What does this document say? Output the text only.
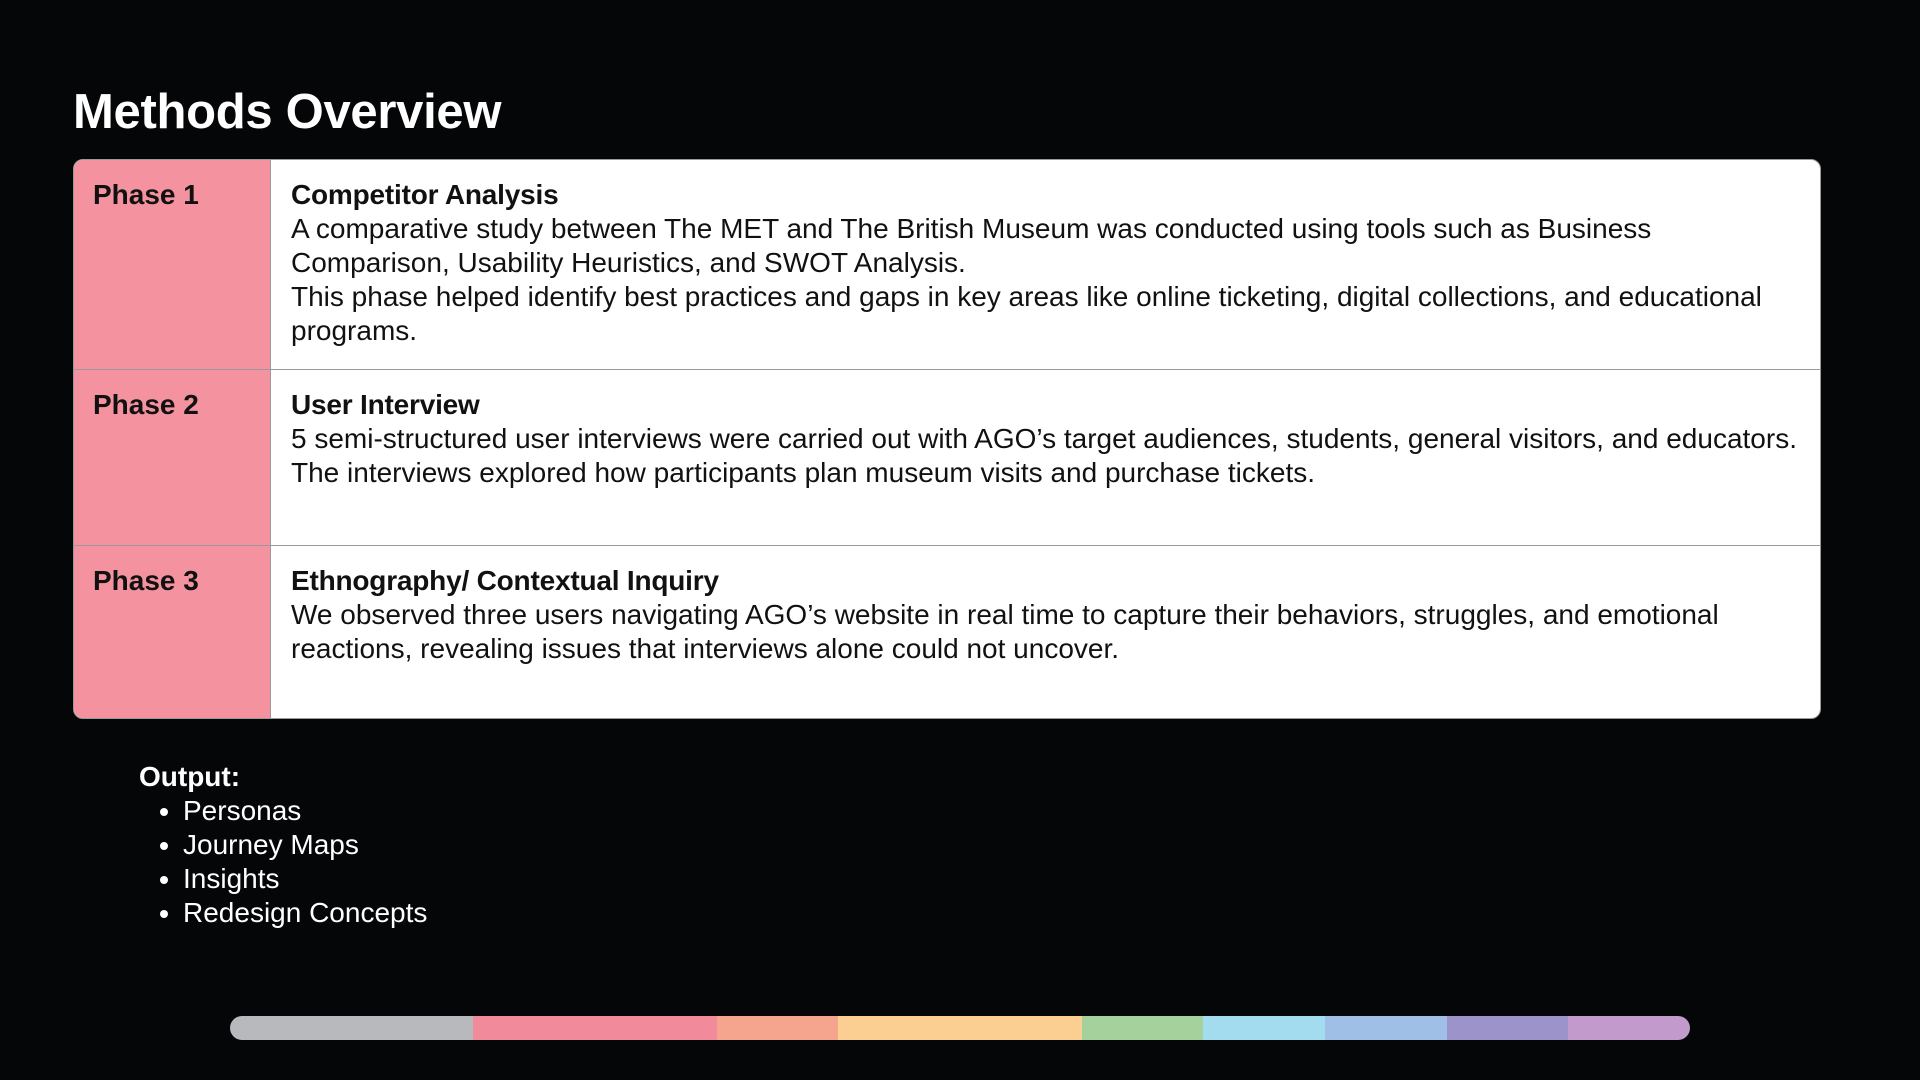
Methods Overview
Phase 1	Competitor Analysis

A comparative study between The MET and The British Museum was conducted using tools such as Business Comparison, Usability Heuristics, and SWOT Analysis.

This phase helped identify best practices and gaps in key areas like online ticketing, digital collections, and educational programs.

Phase 2	User Interview

5 semi-structured user interviews were carried out with AGO’s target audiences, students, general visitors, and educators.

The interviews explored how participants plan museum visits and purchase tickets.

Phase 3	Ethnography/ Contextual Inquiry

We observed three users navigating AGO’s website in real time to capture their behaviors, struggles, and emotional reactions, revealing issues that interviews alone could not uncover.

Output:
• Personas
• Journey Maps
• Insights
• Redesign Concepts
